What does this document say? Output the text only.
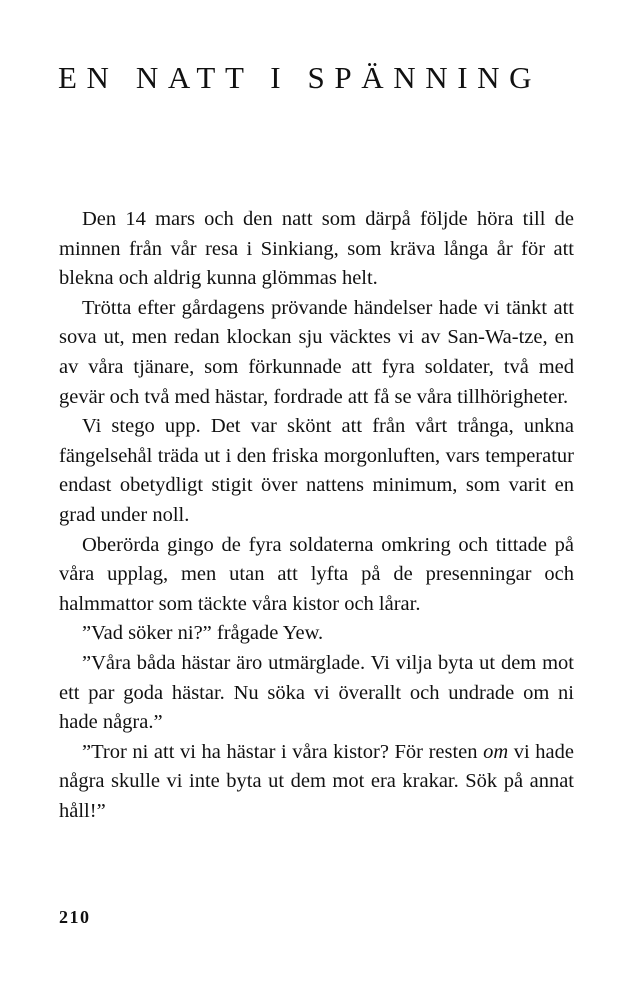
EN NATT I SPÄNNING

Den 14 mars och den natt som därpå följde höra till de minnen från vår resa i Sinkiang, som kräva långa år för att blekna och aldrig kunna glömmas helt.

Trötta efter gårdagens prövande händelser hade vi tänkt att sova ut, men redan klockan sju väcktes vi av San-Wa-tze, en av våra tjänare, som förkunnade att fyra soldater, två med gevär och två med hästar, fordrade att få se våra tillhörigheter.

Vi stego upp. Det var skönt att från vårt trånga, unkna fängelsehål träda ut i den friska morgonluften, vars temperatur endast obetydligt stigit över nattens minimum, som varit en grad under noll.

Oberörda gingo de fyra soldaterna omkring och tittade på våra upplag, men utan att lyfta på de presenningar och halmmattor som täckte våra kistor och lårar.

”Vad söker ni?” frågade Yew.

”Våra båda hästar äro utmärglade. Vi vilja byta ut dem mot ett par goda hästar. Nu söka vi överallt och undrade om ni hade några.”

”Tror ni att vi ha hästar i våra kistor? För resten om vi hade några skulle vi inte byta ut dem mot era krakar. Sök på annat håll!”

210
